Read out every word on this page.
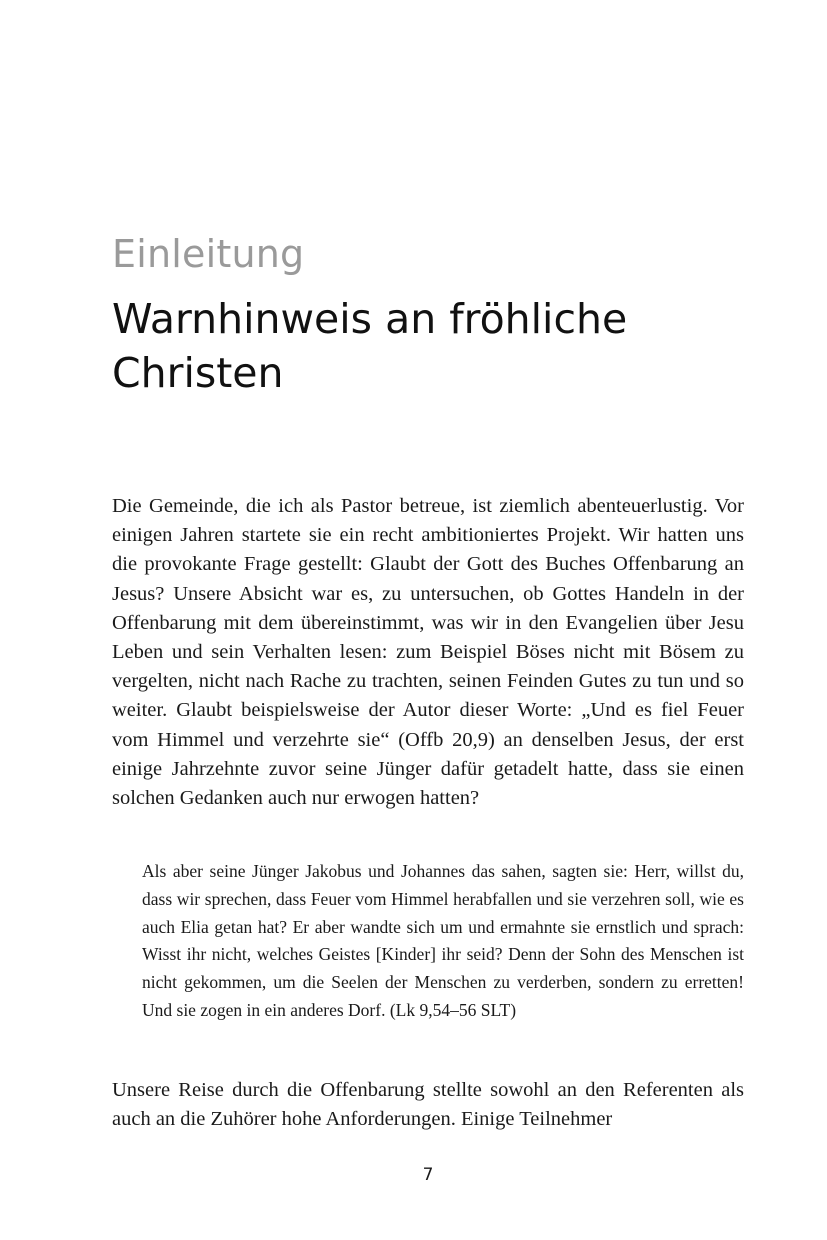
Einleitung
Warnhinweis an fröhliche Christen

Die Gemeinde, die ich als Pastor betreue, ist ziemlich abenteuerlustig. Vor einigen Jahren startete sie ein recht ambitioniertes Projekt. Wir hatten uns die provokante Frage gestellt: Glaubt der Gott des Buches Offenbarung an Jesus? Unsere Absicht war es, zu untersuchen, ob Gottes Handeln in der Offenbarung mit dem übereinstimmt, was wir in den Evangelien über Jesu Leben und sein Verhalten lesen: zum Beispiel Böses nicht mit Bösem zu vergelten, nicht nach Rache zu trachten, seinen Feinden Gutes zu tun und so weiter. Glaubt beispielsweise der Autor dieser Worte: „Und es fiel Feuer vom Himmel und verzehrte sie“ (Offb 20,9) an denselben Jesus, der erst einige Jahrzehnte zuvor seine Jünger dafür getadelt hatte, dass sie einen solchen Gedanken auch nur erwogen hatten?

Als aber seine Jünger Jakobus und Johannes das sahen, sagten sie: Herr, willst du, dass wir sprechen, dass Feuer vom Himmel herabfallen und sie verzehren soll, wie es auch Elia getan hat? Er aber wandte sich um und ermahnte sie ernstlich und sprach: Wisst ihr nicht, welches Geistes [Kinder] ihr seid? Denn der Sohn des Menschen ist nicht gekommen, um die Seelen der Menschen zu verderben, sondern zu erretten! Und sie zogen in ein anderes Dorf. (Lk 9,54–56 SLT)

Unsere Reise durch die Offenbarung stellte sowohl an den Referenten als auch an die Zuhörer hohe Anforderungen. Einige Teilnehmer

7
